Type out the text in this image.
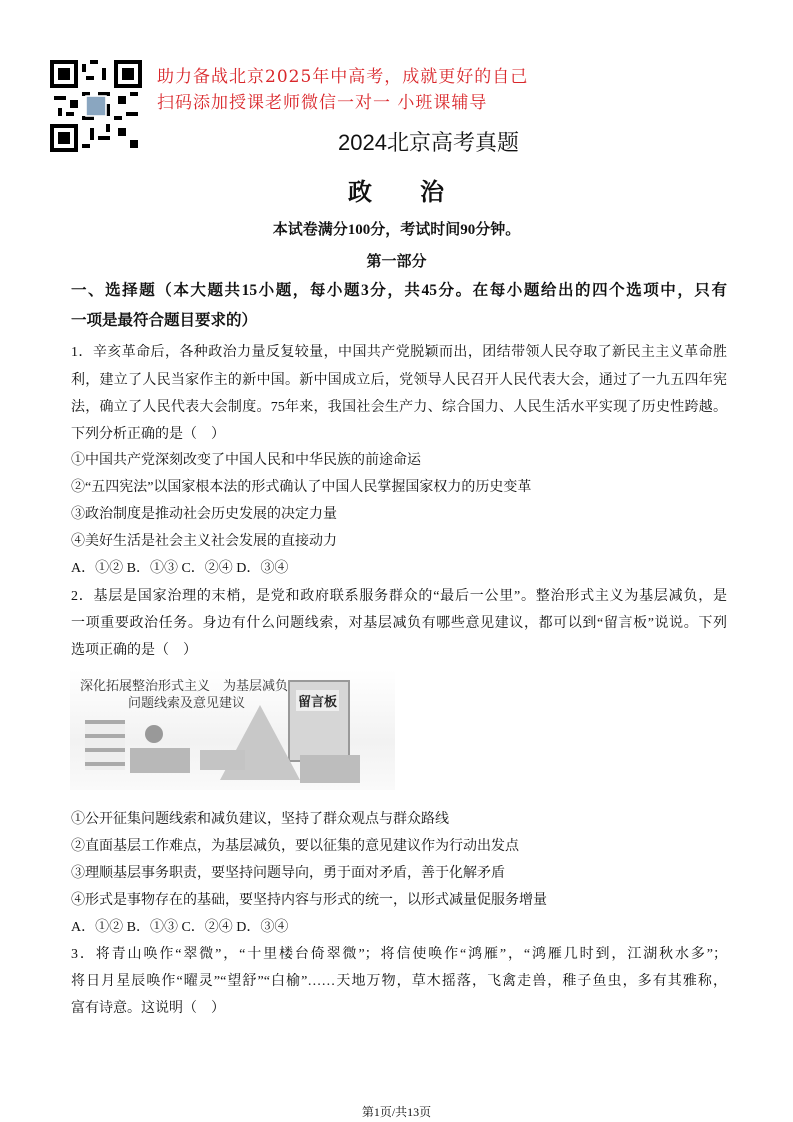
助力备战北京2025年中高考，成就更好的自己
扫码添加授课老师微信一对一 小班课辅导
2024北京高考真题
政　　治
本试卷满分100分，考试时间90分钟。
第一部分
一、选择题（本大题共15小题，每小题3分，共45分。在每小题给出的四个选项中，只有
一项是最符合题目要求的）
1．辛亥革命后，各种政治力量反复较量，中国共产党脱颖而出，团结带领人民夺取了新民主主义革命胜
利，建立了人民当家作主的新中国。新中国成立后，党领导人民召开人民代表大会，通过了一九五四年宪
法，确立了人民代表大会制度。75年来，我国社会生产力、综合国力、人民生活水平实现了历史性跨越。
下列分析正确的是（　）
①中国共产党深刻改变了中国人民和中华民族的前途命运
②“五四宪法”以国家根本法的形式确认了中国人民掌握国家权力的历史变革
③政治制度是推动社会历史发展的决定力量
④美好生活是社会主义社会发展的直接动力
A．①② B．①③ C．②④ D．③④
2．基层是国家治理的末梢，是党和政府联系服务群众的“最后一公里”。整治形式主义为基层减负，是
一项重要政治任务。身边有什么问题线索，对基层减负有哪些意见建议，都可以到“留言板”说说。下列
选项正确的是（　）
深化拓展整治形式主义　为基层减负
问题线索及意见建议	留言板
①公开征集问题线索和减负建议，坚持了群众观点与群众路线
②直面基层工作难点，为基层减负，要以征集的意见建议作为行动出发点
③理顺基层事务职责，要坚持问题导向，勇于面对矛盾，善于化解矛盾
④形式是事物存在的基础，要坚持内容与形式的统一，以形式减量促服务增量
A．①② B．①③ C．②④ D．③④
3．将青山唤作“翠微”，“十里楼台倚翠微”；将信使唤作“鸿雁”，“鸿雁几时到，江湖秋水多”；
将日月星辰唤作“曜灵”“望舒”“白榆”……天地万物，草木摇落，飞禽走兽，稚子鱼虫，多有其雅称，
富有诗意。这说明（　）
第1页/共13页
